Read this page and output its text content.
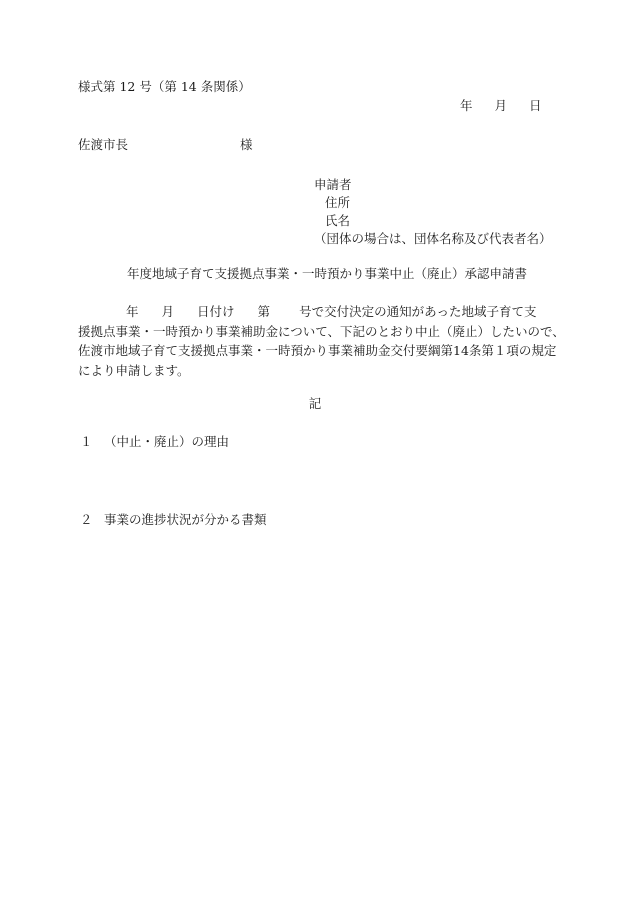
様式第 12 号（第 14 条関係）
年 月 日
佐渡市長	様
申請者
住所
氏名
（団体の場合は、団体名称及び代表者名）
年度地域子育て支援拠点事業・一時預かり事業中止（廃止）承認申請書
年 月 日付け 第 号で交付決定の通知があった地域子育て支
援拠点事業・一時預かり事業補助金について、下記のとおり中止（廃止）したいので、
佐渡市地域子育て支援拠点事業・一時預かり事業補助金交付要綱第14条第１項の規定
により申請します。
記
１ （中止・廃止）の理由
２ 事業の進捗状況が分かる書類
